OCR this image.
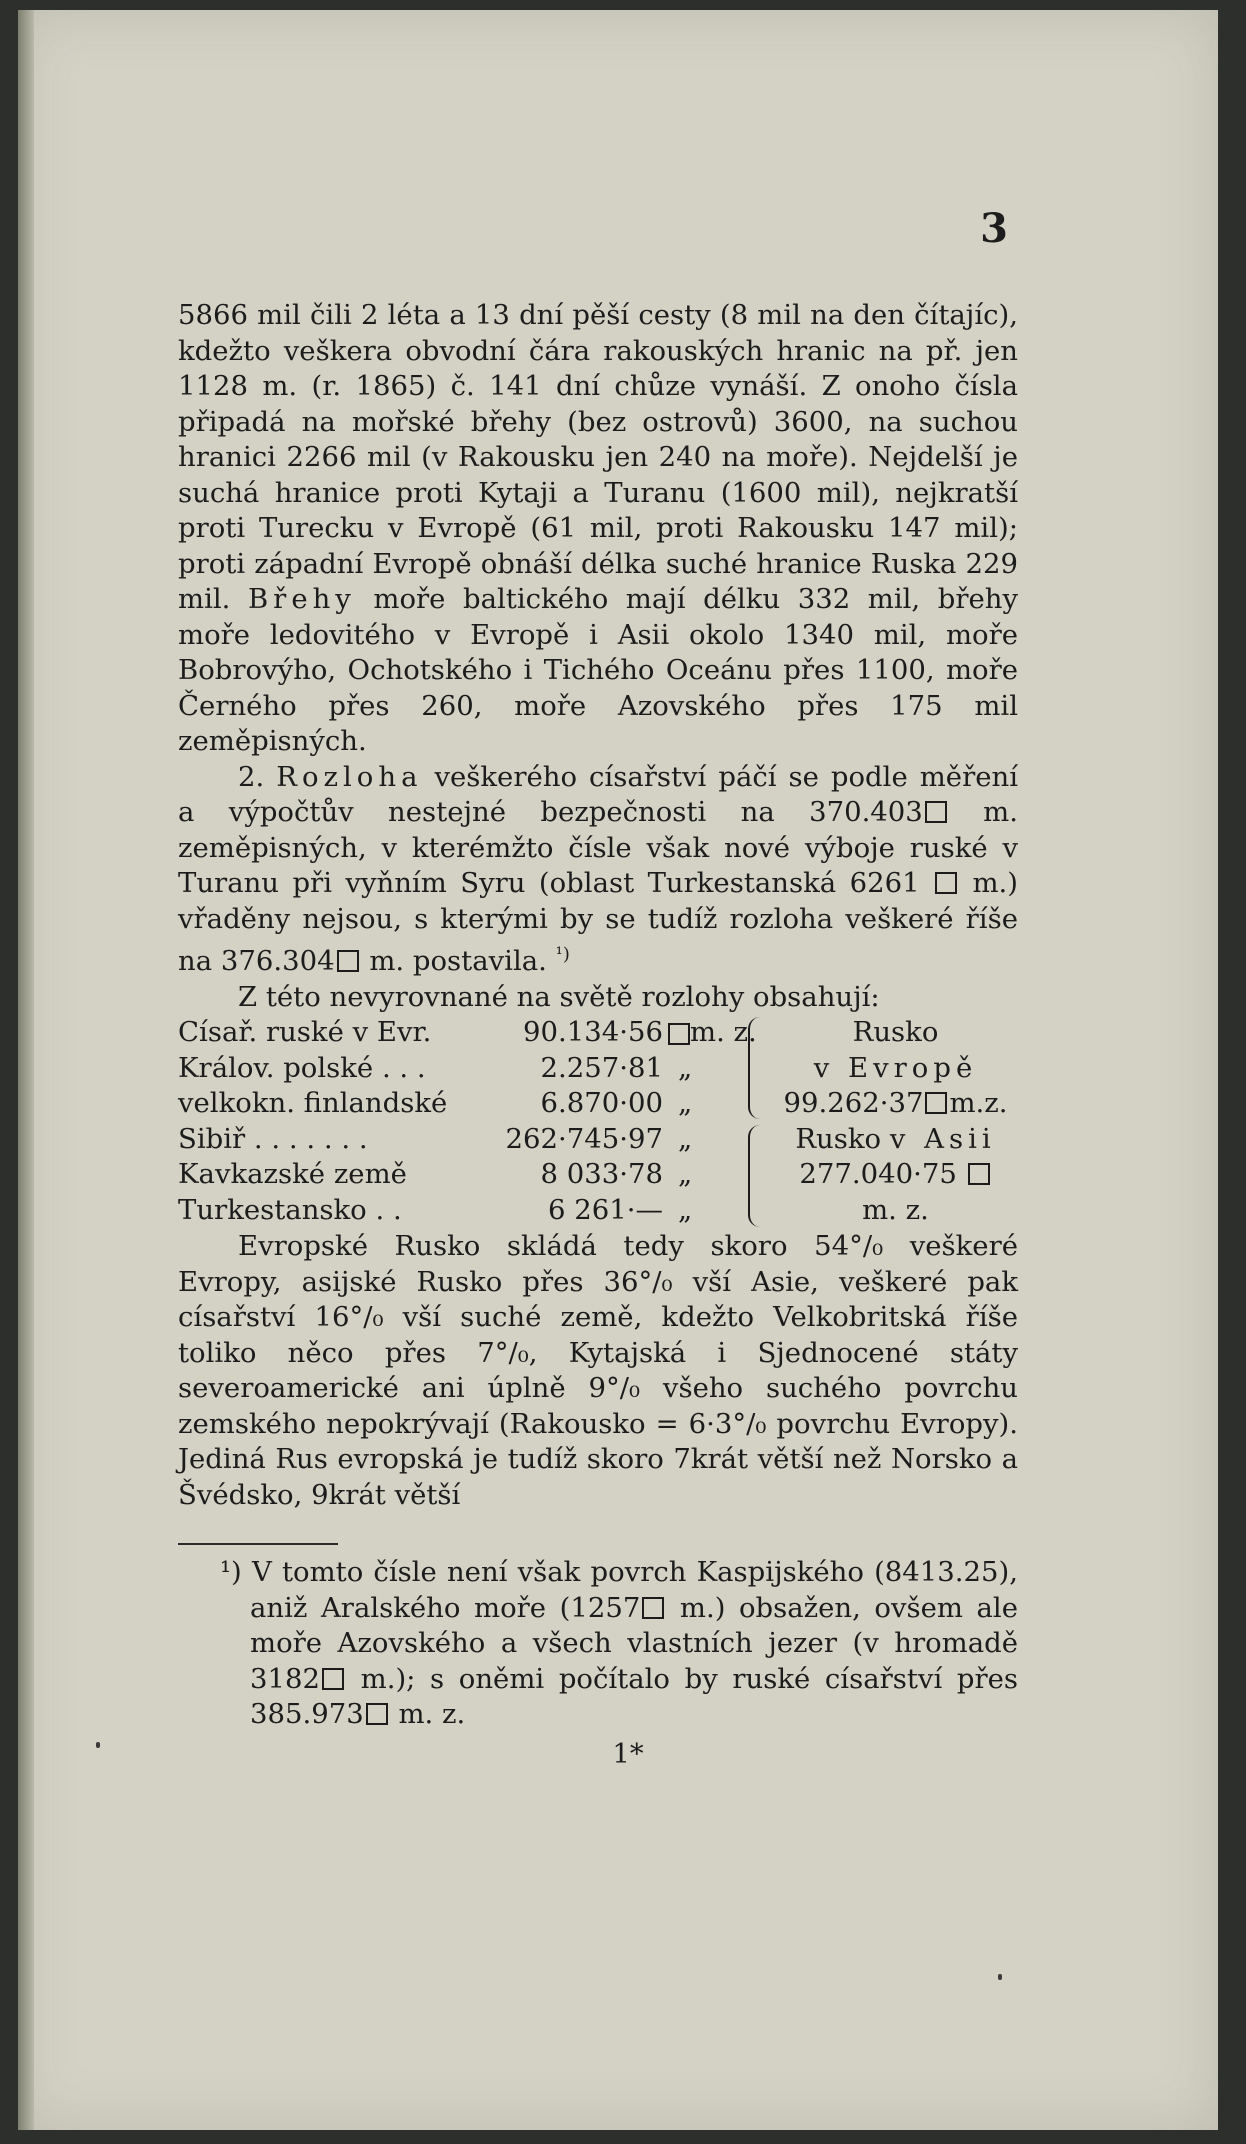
3

5866 mil čili 2 léta a 13 dní pěší cesty (8 mil na den čítajíc), kdežto veškera obvodní čára rakouských hranic na př. jen 1128 m. (r. 1865) č. 141 dní chůze vynáší. Z onoho čísla připadá na mořské břehy (bez ostrovů) 3600, na suchou hranici 2266 mil (v Rakousku jen 240 na moře). Nejdelší je suchá hranice proti Kytaji a Turanu (1600 mil), nejkratší proti Turecku v Evropě (61 mil, proti Rakousku 147 mil); proti západní Evropě obnáší délka suché hranice Ruska 229 mil. Břehy moře baltického mají délku 332 mil, břehy moře ledovitého v Evropě i Asii okolo 1340 mil, moře Bobrovýho, Ochotského i Tichého Oceánu přes 1100, moře Černého přes 260, moře Azovského přes 175 mil zeměpisných.

2. Rozloha veškerého císařství páčí se podle měření a výpočtův nestejné bezpečnosti na 370.403 m. zeměpisných, v kterémžto čísle však nové výboje ruské v Turanu při vyňním Syru (oblast Turkestanská 6261 m.) vřaděny nejsou, s kterými by se tudíž rozloha veškeré říše na 376.304 m. postavila. $^{^1)}$

Z této nevyrovnané na světě rozlohy obsahují:

Císař. ruské v Evr.	90.134·56 m. z.
Králov. polské . . .	2.257·81 „
velkokn. finlandské	6.870·00 „
Sibiř . . . . . . .	262·745·97 „
Kavkazské země	8 033·78 „
Turkestansko . .	6 261·— „
Rusko
v Evropě
99.262·37 m.z.
Rusko v Asii
277.040·75
m. z.

Evropské Rusko skládá tedy skoro 54°/₀ veškeré Evropy, asijské Rusko přes 36°/₀ vší Asie, veškeré pak císařství 16°/₀ vší suché země, kdežto Velkobritská říše toliko něco přes 7°/₀, Kytajská i Sjednocené státy severoamerické ani úplně 9°/₀ všeho suchého povrchu zemského nepokrývají (Rakousko = 6·3°/₀ povrchu Evropy). Jediná Rus evropská je tudíž skoro 7krát větší než Norsko a Švédsko, 9krát větší

¹) V tomto čísle není však povrch Kaspijského (8413.25), aniž Aralského moře (1257 m.) obsažen, ovšem ale moře Azovského a všech vlastních jezer (v hromadě 3182 m.); s oněmi počítalo by ruské císařství přes 385.973 m. z.

1*
